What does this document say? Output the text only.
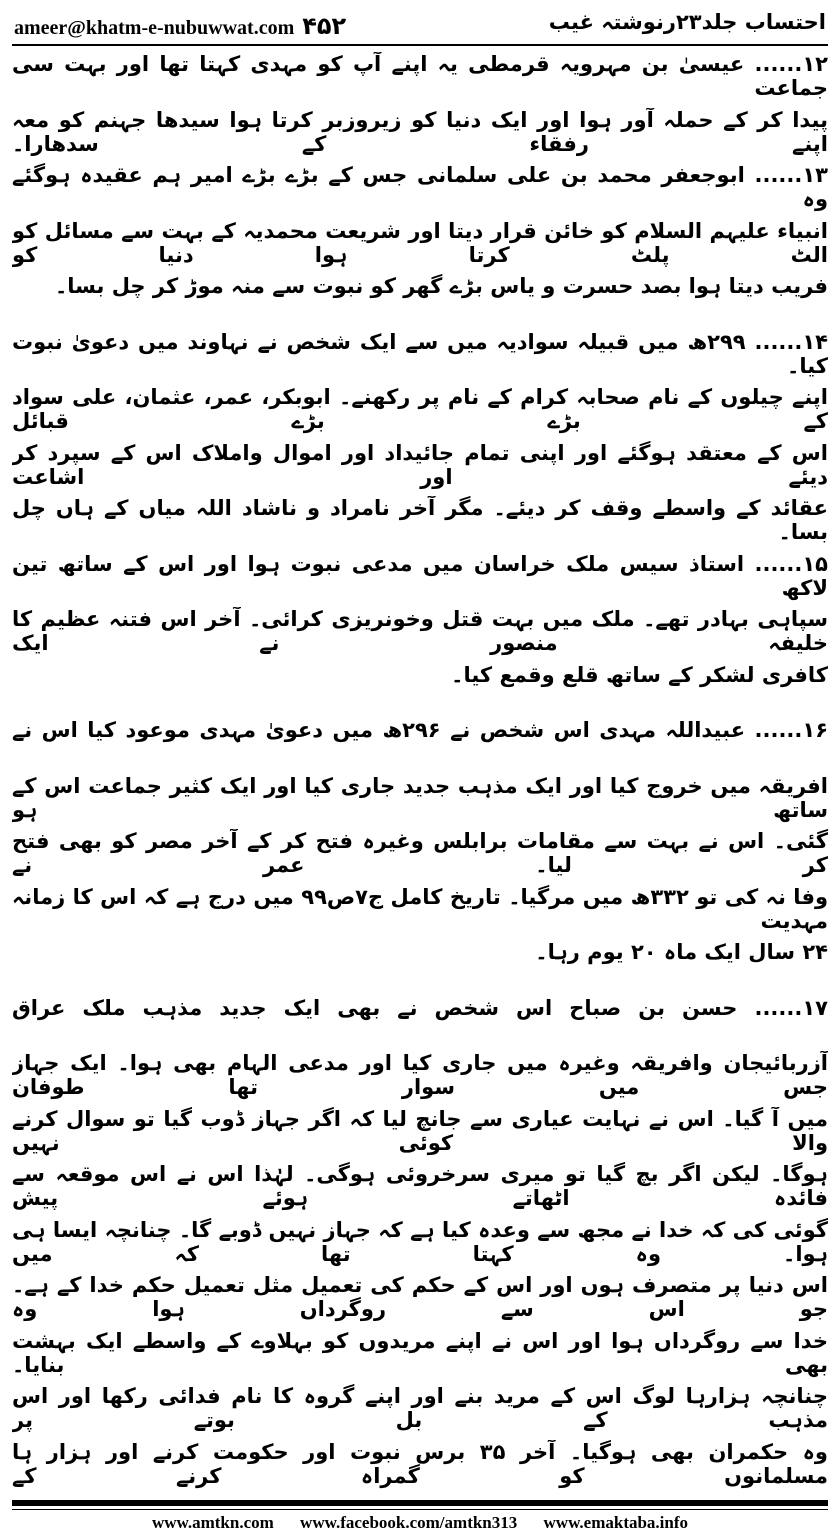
ameer@khatm-e-nubuwwat.com ۴۵۲	احتساب جلد۲۳رنوشتہ غیب
۱۲...... عیسیٰ بن مہرویہ قرمطی یہ اپنے آپ کو مہدی کہتا تھا اور بہت سی جماعت
پیدا کر کے حملہ آور ہوا اور ایک دنیا کو زیروزبر کرتا ہوا سیدھا جہنم کو معہ اپنے رفقاء کے سدھارا۔
۱۳...... ابوجعفر محمد بن علی سلمانی جس کے بڑے بڑے امیر ہم عقیدہ ہوگئے وہ
انبیاء علیہم السلام کو خائن قرار دیتا اور شریعت محمدیہ کے بہت سے مسائل کو الٹ پلٹ کرتا ہوا دنیا کو
فریب دیتا ہوا بصد حسرت و یاس بڑے گھر کو نبوت سے منہ موڑ کر چل بسا۔
۱۴...... ۲۹۹ھ میں قبیلہ سوادیہ میں سے ایک شخص نے نہاوند میں دعویٰ نبوت کیا۔
اپنے چیلوں کے نام صحابہ کرام کے نام پر رکھنے۔ ابوبکر، عمر، عثمان، علی سواد کے بڑے بڑے قبائل
اس کے معتقد ہوگئے اور اپنی تمام جائیداد اور اموال واملاک اس کے سپرد کر دیئے اور اشاعت
عقائد کے واسطے وقف کر دیئے۔ مگر آخر نامراد و ناشاد اللہ میاں کے ہاں چل بسا۔
۱۵...... استاذ سیس ملک خراسان میں مدعی نبوت ہوا اور اس کے ساتھ تین لاکھ
سپاہی بہادر تھے۔ ملک میں بہت قتل وخونریزی کرائی۔ آخر اس فتنہ عظیم کا خلیفہ منصور نے ایک
کافری لشکر کے ساتھ قلع وقمع کیا۔
۱۶...... عبیداللہ مہدی اس شخص نے ۲۹۶ھ میں دعویٰ مہدی موعود کیا اس نے
افریقہ میں خروج کیا اور ایک مذہب جدید جاری کیا اور ایک کثیر جماعت اس کے ساتھ ہو
گئی۔ اس نے بہت سے مقامات برابلس وغیرہ فتح کر کے آخر مصر کو بھی فتح کر لیا۔ عمر نے
وفا نہ کی تو ۳۳۲ھ میں مرگیا۔ تاریخ کامل ج۷ص۹۹ میں درج ہے کہ اس کا زمانہ مہدیت
۲۴ سال ایک ماہ ۲۰ یوم رہا۔
۱۷...... حسن بن صباح اس شخص نے بھی ایک جدید مذہب ملک عراق
آزربائیجان وافریقہ وغیرہ میں جاری کیا اور مدعی الہام بھی ہوا۔ ایک جہاز جس میں سوار تھا طوفان
میں آ گیا۔ اس نے نہایت عیاری سے جانچ لیا کہ اگر جہاز ڈوب گیا تو سوال کرنے والا کوئی نہیں
ہوگا۔ لیکن اگر بچ گیا تو میری سرخروئی ہوگی۔ لہٰذا اس نے اس موقعہ سے فائدہ اٹھاتے ہوئے پیش
گوئی کی کہ خدا نے مجھ سے وعدہ کیا ہے کہ جہاز نہیں ڈوبے گا۔ چنانچہ ایسا ہی ہوا۔ وہ کہتا تھا کہ میں
اس دنیا پر متصرف ہوں اور اس کے حکم کی تعمیل مثل تعمیل حکم خدا کے ہے۔ جو اس سے روگرداں ہوا وہ
خدا سے روگرداں ہوا اور اس نے اپنے مریدوں کو بہلاوے کے واسطے ایک بہشت بھی بنایا۔
چنانچہ ہزارہا لوگ اس کے مرید بنے اور اپنے گروہ کا نام فدائی رکھا اور اس مذہب کے بل بوتے پر
وہ حکمران بھی ہوگیا۔ آخر ۳۵ برس نبوت اور حکومت کرنے اور ہزار ہا مسلمانوں کو گمراہ کرنے کے
www.amtkn.com www.facebook.com/amtkn313 www.emaktaba.info
